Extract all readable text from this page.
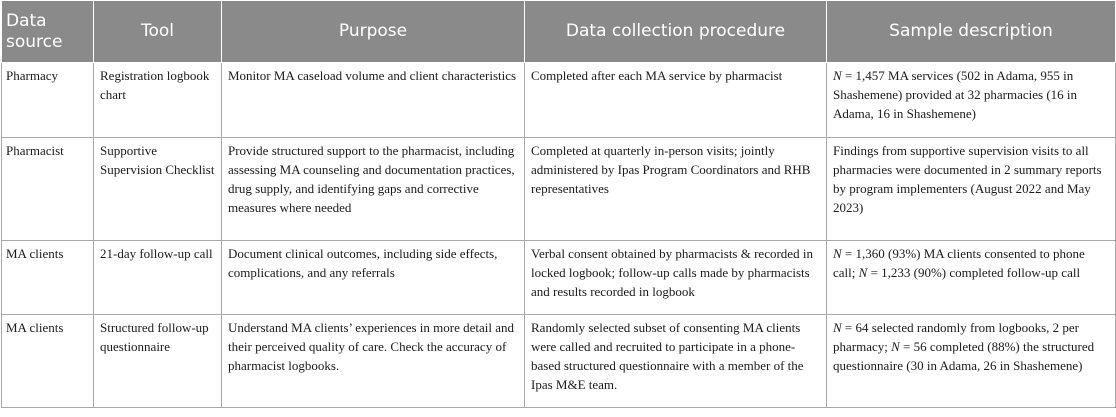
Data source	Tool	Purpose	Data collection procedure	Sample description
Pharmacy	Registration logbook chart	Monitor MA caseload volume and client characteristics	Completed after each MA service by pharmacist	N = 1,457 MA services (502 in Adama, 955 in Shashemene) provided at 32 pharmacies (16 in Adama, 16 in Shashemene)
Pharmacist	Supportive Supervision Checklist	Provide structured support to the pharmacist, including assessing MA counseling and documentation practices, drug supply, and identifying gaps and corrective measures where needed	Completed at quarterly in-person visits; jointly administered by Ipas Program Coordinators and RHB representatives	Findings from supportive supervision visits to all pharmacies were documented in 2 summary reports by program implementers (August 2022 and May 2023)
MA clients	21-day follow-up call	Document clinical outcomes, including side effects, complications, and any referrals	Verbal consent obtained by pharmacists & recorded in locked logbook; follow-up calls made by pharmacists and results recorded in logbook	N = 1,360 (93%) MA clients consented to phone call; N = 1,233 (90%) completed follow-up call
MA clients	Structured follow-up questionnaire	Understand MA clients’ experiences in more detail and their perceived quality of care. Check the accuracy of pharmacist logbooks.	Randomly selected subset of consenting MA clients were called and recruited to participate in a phone-based structured questionnaire with a member of the Ipas M&E team.	N = 64 selected randomly from logbooks, 2 per pharmacy; N = 56 completed (88%) the structured questionnaire (30 in Adama, 26 in Shashemene)
